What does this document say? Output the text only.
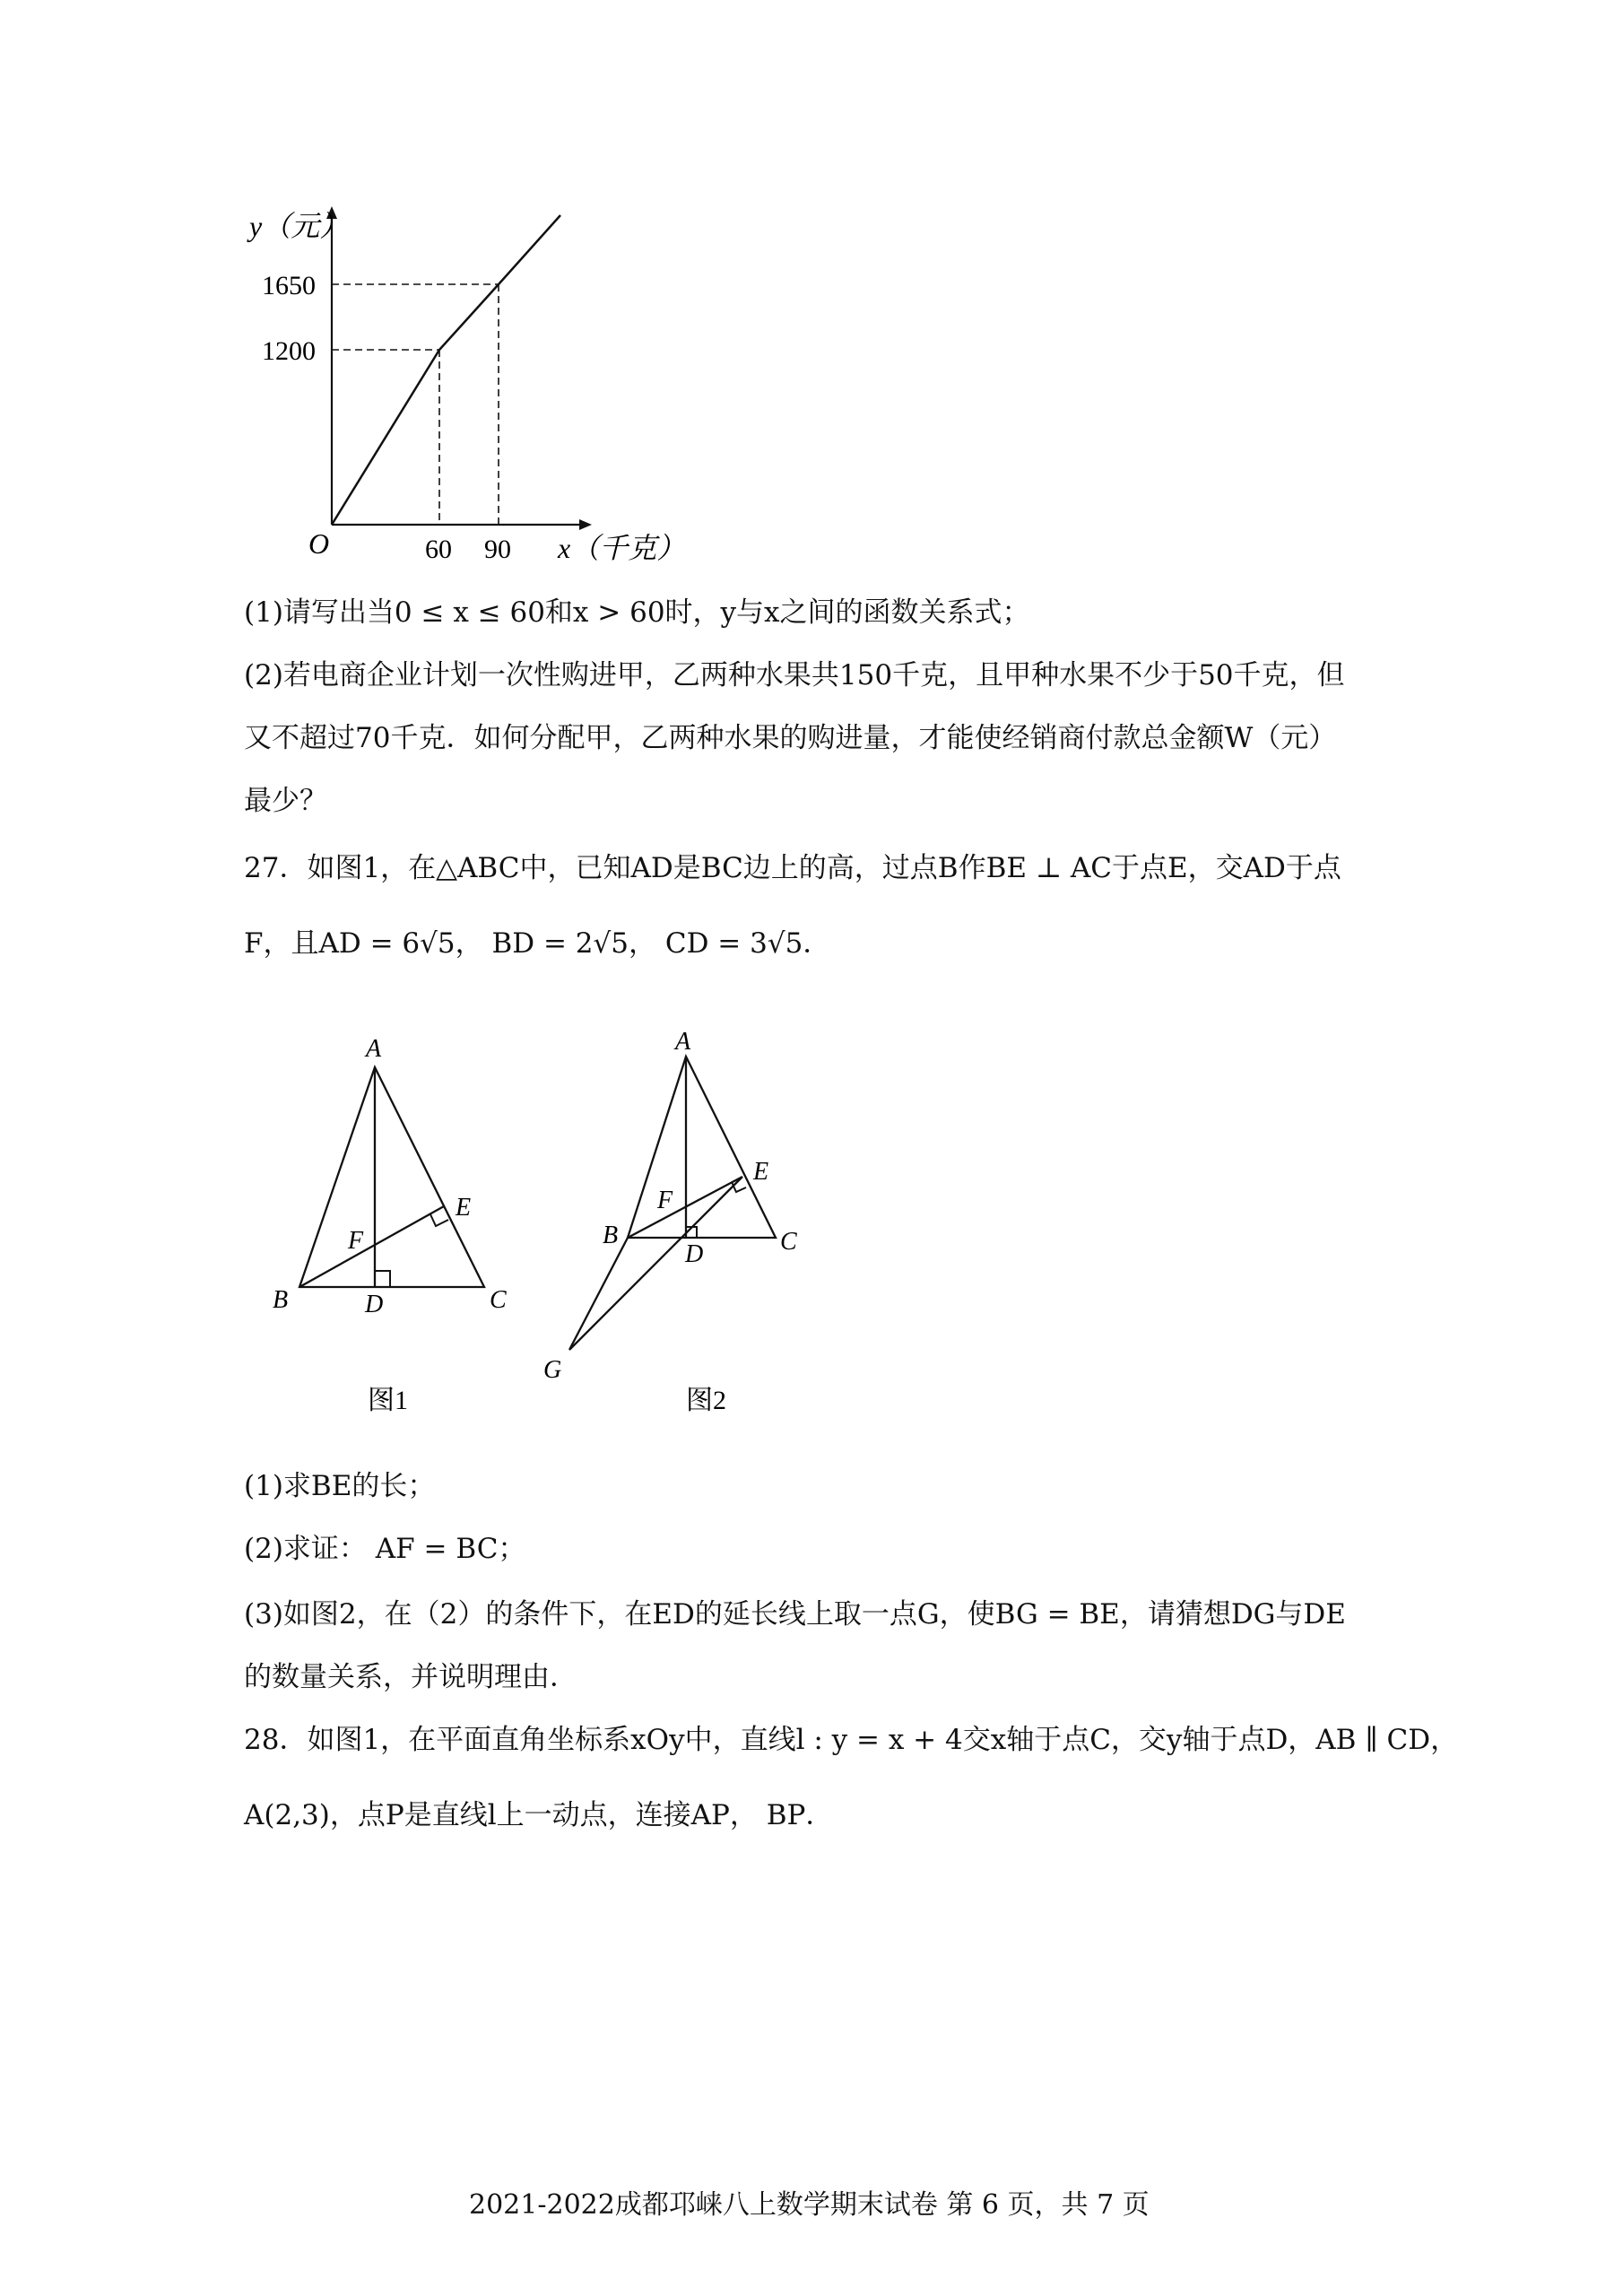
y（元）
1650
1200
O	60 90 x（千克）
(1)请写出当0 ≤ x ≤ 60和x > 60时，y与x之间的函数关系式；
(2)若电商企业计划一次性购进甲，乙两种水果共150千克，且甲种水果不少于50千克，但
又不超过70千克．如何分配甲，乙两种水果的购进量，才能使经销商付款总金额W（元）
最少？
27．如图1，在△ABC中，已知AD是BC边上的高，过点B作BE ⊥ AC于点E，交AD于点
F，且AD = 6√5， BD = 2√5， CD = 3√5．
A
B	C
D
E
F
图1
A
B	C
D
E
F
G
图2
(1)求BE的长；
(2)求证： AF = BC；
(3)如图2，在（2）的条件下，在ED的延长线上取一点G，使BG = BE，请猜想DG与DE
的数量关系，并说明理由．
28．如图1，在平面直角坐标系xOy中，直线l : y = x + 4交x轴于点C，交y轴于点D，AB ∥ CD，
A(2,3)，点P是直线l上一动点，连接AP， BP．
2021-2022成都邛崃八上数学期末试卷 第 6 页，共 7 页
